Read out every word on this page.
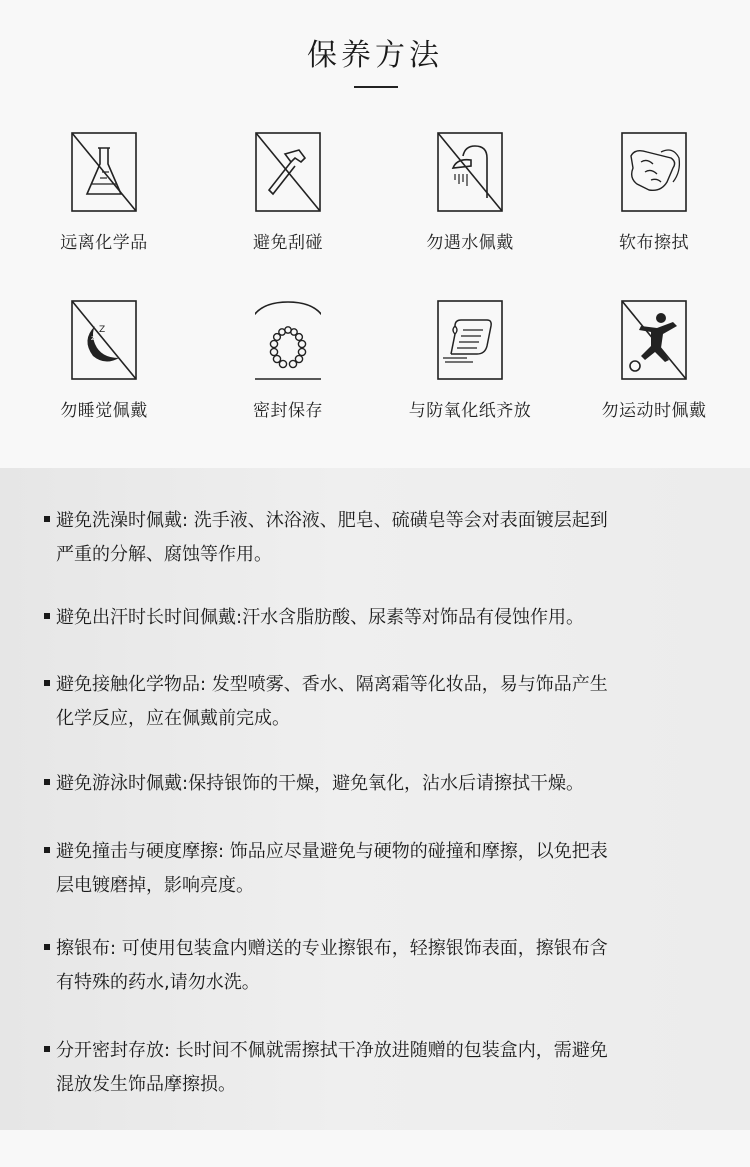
保养方法
远离化学品	避免刮碰	勿遇水佩戴	软布擦拭
Z
z
勿睡觉佩戴	密封保存	与防氧化纸齐放	勿运动时佩戴
避免洗澡时佩戴: 洗手液、沐浴液、肥皂、硫磺皂等会对表面镀层起到
严重的分解、腐蚀等作用。
避免出汗时长时间佩戴:汗水含脂肪酸、尿素等对饰品有侵蚀作用。
避免接触化学物品: 发型喷雾、香水、隔离霜等化妆品，易与饰品产生
化学反应，应在佩戴前完成。
避免游泳时佩戴:保持银饰的干燥，避免氧化，沾水后请擦拭干燥。
避免撞击与硬度摩擦: 饰品应尽量避免与硬物的碰撞和摩擦，以免把表
层电镀磨掉，影响亮度。
擦银布: 可使用包装盒内赠送的专业擦银布，轻擦银饰表面，擦银布含
有特殊的药水,请勿水洗。
分开密封存放: 长时间不佩就需擦拭干净放进随赠的包装盒内，需避免
混放发生饰品摩擦损。
